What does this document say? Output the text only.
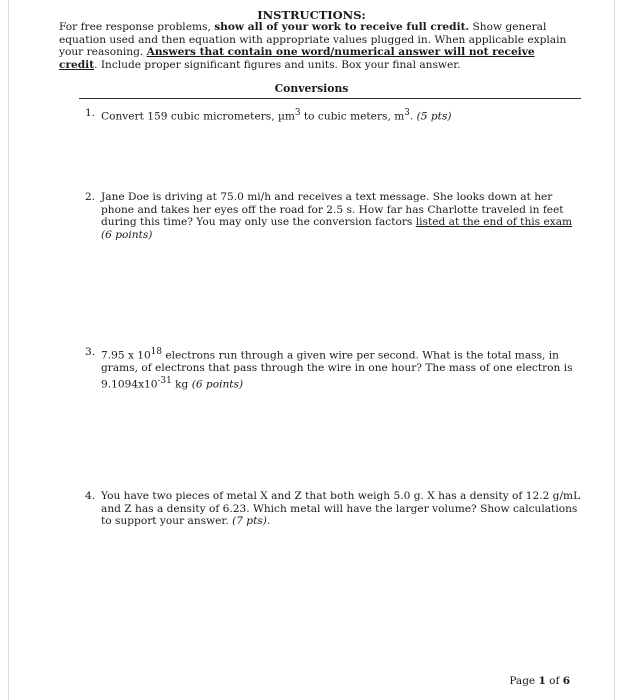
INSTRUCTIONS:
For free response problems, show all of your work to receive full credit. Show general equation used and then equation with appropriate values plugged in. When applicable explain your reasoning. Answers that contain one word/numerical answer will not receive credit. Include proper significant figures and units. Box your final answer.
Conversions
1. Convert 159 cubic micrometers, µm$^3$ to cubic meters, $m^3$. (5 pts)
2. Jane Doe is driving at 75.0 mi/h and receives a text message. She looks down at her phone and takes her eyes off the road for 2.5 s. How far has Charlotte traveled in feet during this time? You may only use the conversion factors listed at the end of this exam (6 points)
3. 7.95 x $10^{18}$ electrons run through a given wire per second. What is the total mass, in grams, of electrons that pass through the wire in one hour? The mass of one electron is $9.1094x10^{-31}$ kg (6 points)
4. You have two pieces of metal X and Z that both weigh 5.0 g. X has a density of 12.2 g/mL and Z has a density of 6.23. Which metal will have the larger volume? Show calculations to support your answer. (7 pts).
Page 1 of 6
